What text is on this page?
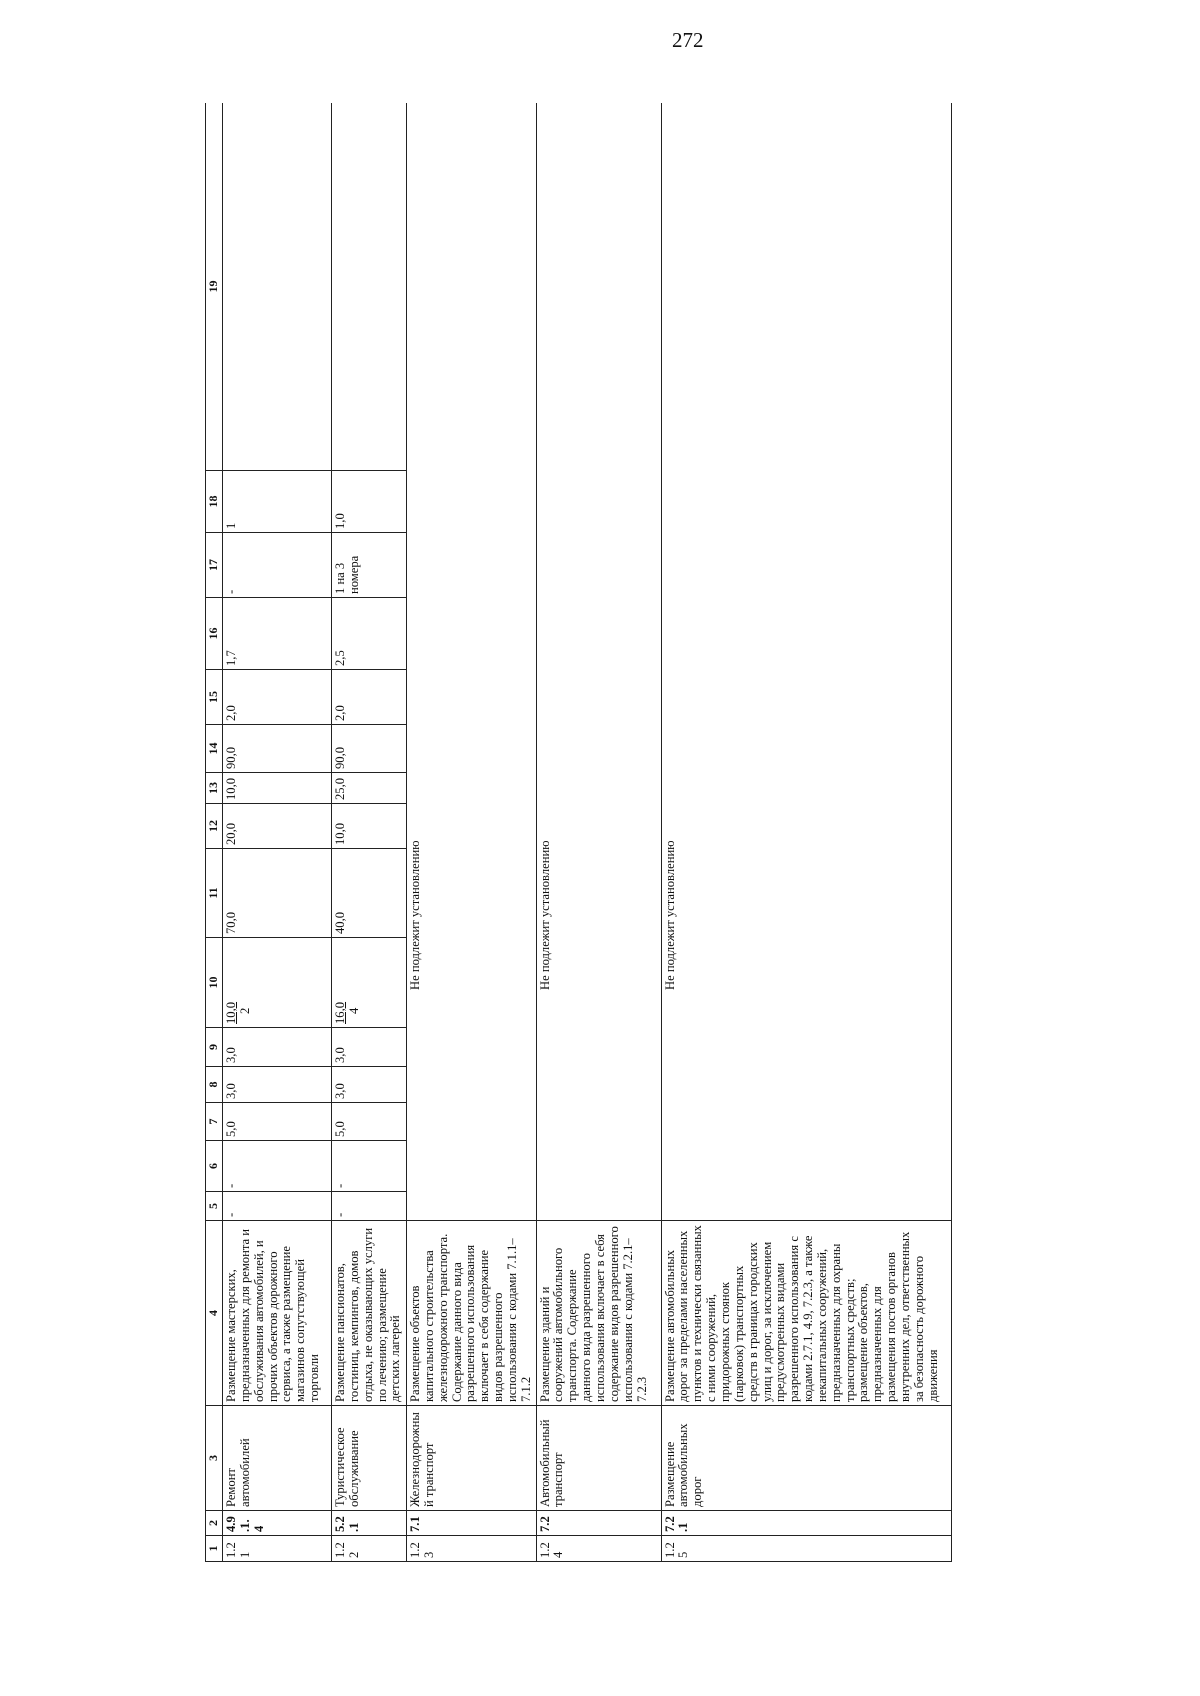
272
1	2	3	4	5	6	7	8	9	10	11	12	13	14	15	16	17	18	19
1.21	4.9.1.4	Ремонт автомобилей	Размещение мастерских, предназначенных для ремонта и обслуживания автомобилей, и прочих объектов дорожного сервиса, а также размещение магазинов сопутствующей торговли	-	-	5,0	3,0	3,0	10,0 2	70,0	20,0	10,0	90,0	2,0	1,7	-	1	
1.22	5.2.1	Туристическое обслуживание	Размещение пансионатов, гостиниц, кемпингов, домов отдыха, не оказывающих услуги по лечению; размещение детских лагерей	-	-	5,0	3,0	3,0	16,0 4	40,0	10,0	25,0	90,0	2,0	2,5	1 на 3 номера	1,0	
1.23	7.1	Железнодорожный транспорт	Размещение объектов капитального строительства железнодорожного транспорта. Содержание данного вида разрешенного использования включает в себя содержание видов разрешенного использования с кодами 7.1.1–7.1.2	Не подлежит установлению														
1.24	7.2	Автомобильный транспорт	Размещение зданий и сооружений автомобильного транспорта. Содержание данного вида разрешенного использования включает в себя содержание видов разрешенного использования с кодами 7.2.1–7.2.3	Не подлежит установлению														
1.25	7.2.1	Размещение автомобильных дорог	Размещение автомобильных дорог за пределами населенных пунктов и технически связанных с ними сооружений, придорожных стоянок (парковок) транспортных средств в границах городских улиц и дорог, за исключением предусмотренных видами разрешенного использования с кодами 2.7.1, 4.9, 7.2.3, а также некапитальных сооружений, предназначенных для охраны транспортных средств; размещение объектов, предназначенных для размещения постов органов внутренних дел, ответственных за безопасность дорожного движения	Не подлежит установлению														
